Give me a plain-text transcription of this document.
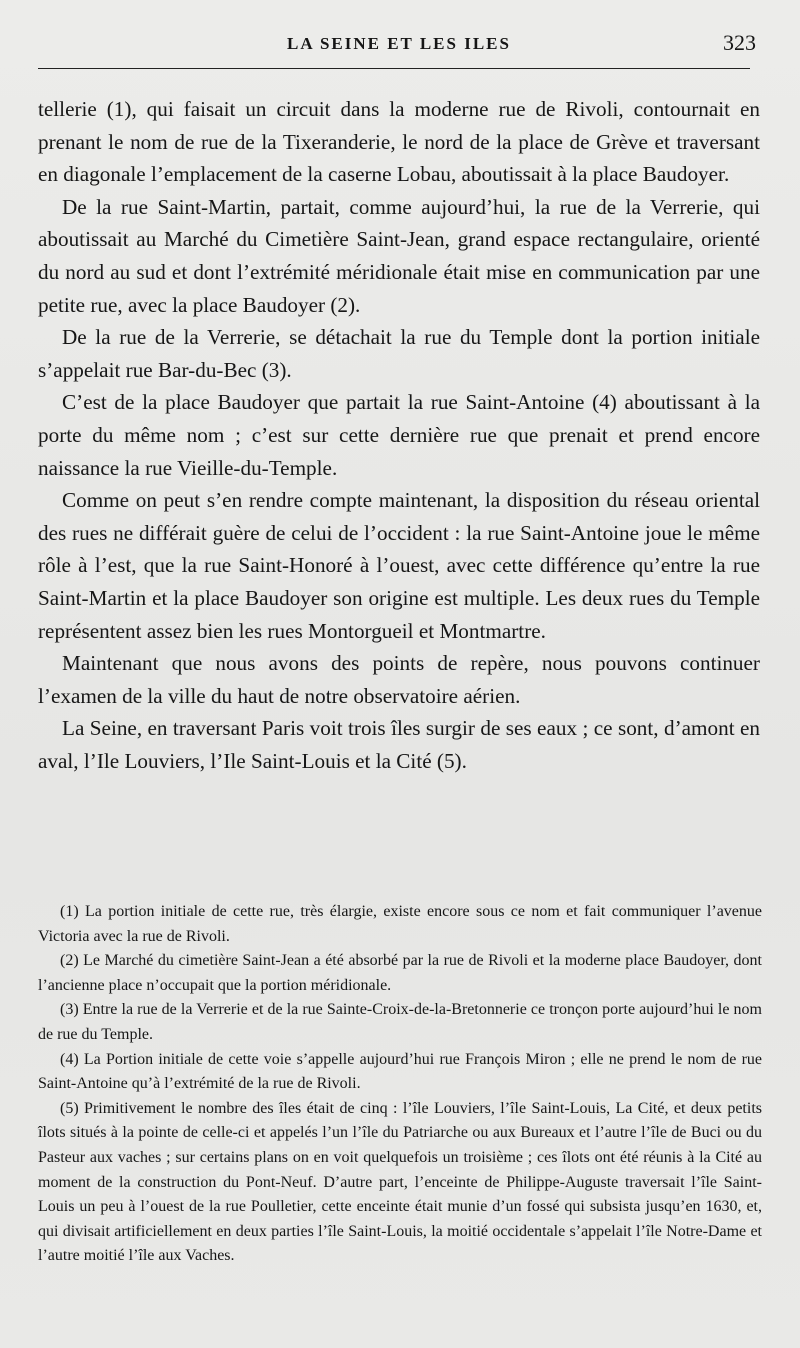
LA SEINE ET LES ILES	323

tellerie (1), qui faisait un circuit dans la moderne rue de Rivoli, contournait en prenant le nom de rue de la Tixeranderie, le nord de la place de Grève et traversant en diagonale l’emplacement de la caserne Lobau, aboutissait à la place Baudoyer.

De la rue Saint-Martin, partait, comme aujourd’hui, la rue de la Verrerie, qui aboutissait au Marché du Cimetière Saint-Jean, grand espace rectangulaire, orienté du nord au sud et dont l’extrémité méridionale était mise en communication par une petite rue, avec la place Baudoyer (2).

De la rue de la Verrerie, se détachait la rue du Temple dont la portion initiale s’appelait rue Bar-du-Bec (3).

C’est de la place Baudoyer que partait la rue Saint-Antoine (4) aboutissant à la porte du même nom ; c’est sur cette dernière rue que prenait et prend encore naissance la rue Vieille-du-Temple.

Comme on peut s’en rendre compte maintenant, la disposition du réseau oriental des rues ne différait guère de celui de l’occident : la rue Saint-Antoine joue le même rôle à l’est, que la rue Saint-Honoré à l’ouest, avec cette différence qu’entre la rue Saint-Martin et la place Baudoyer son origine est multiple. Les deux rues du Temple représentent assez bien les rues Montorgueil et Montmartre.

Maintenant que nous avons des points de repère, nous pouvons continuer l’examen de la ville du haut de notre observatoire aérien.

La Seine, en traversant Paris voit trois îles surgir de ses eaux ; ce sont, d’amont en aval, l’Ile Louviers, l’Ile Saint-Louis et la Cité (5).

(1) La portion initiale de cette rue, très élargie, existe encore sous ce nom et fait communiquer l’avenue Victoria avec la rue de Rivoli.

(2) Le Marché du cimetière Saint-Jean a été absorbé par la rue de Rivoli et la moderne place Baudoyer, dont l’ancienne place n’occupait que la portion méridionale.

(3) Entre la rue de la Verrerie et de la rue Sainte-Croix-de-la-Bretonnerie ce tronçon porte aujourd’hui le nom de rue du Temple.

(4) La Portion initiale de cette voie s’appelle aujourd’hui rue François Miron ; elle ne prend le nom de rue Saint-Antoine qu’à l’extrémité de la rue de Rivoli.

(5) Primitivement le nombre des îles était de cinq : l’île Louviers, l’île Saint-Louis, La Cité, et deux petits îlots situés à la pointe de celle-ci et appelés l’un l’île du Patriarche ou aux Bureaux et l’autre l’île de Buci ou du Pasteur aux vaches ; sur certains plans on en voit quelquefois un troisième ; ces îlots ont été réunis à la Cité au moment de la construction du Pont-Neuf. D’autre part, l’enceinte de Philippe-Auguste traversait l’île Saint-Louis un peu à l’ouest de la rue Poulletier, cette enceinte était munie d’un fossé qui subsista jusqu’en 1630, et, qui divisait artificiellement en deux parties l’île Saint-Louis, la moitié occidentale s’appelait l’île Notre-Dame et l’autre moitié l’île aux Vaches.
